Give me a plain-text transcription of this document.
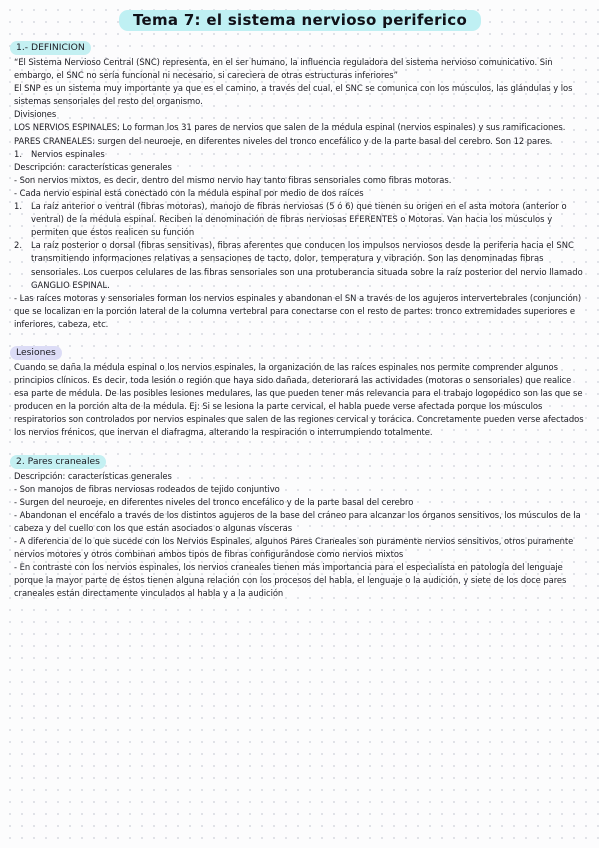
Tema 7: el sistema nervioso periferico
1.- DEFINICION

“El Sistema Nervioso Central (SNC) representa, en el ser humano, la influencia reguladora del sistema nervioso comunicativo. Sin embargo, el SNC no sería funcional ni necesario, si careciera de otras estructuras inferiores”

El SNP es un sistema muy importante ya que es el camino, a través del cual, el SNC se comunica con los músculos, las glándulas y los sistemas sensoriales del resto del organismo.

Divisiones

LOS NERVIOS ESPINALES: Lo forman los 31 pares de nervios que salen de la médula espinal (nervios espinales) y sus ramificaciones.

PARES CRANEALES: surgen del neuroeje, en diferentes niveles del tronco encefálico y de la parte basal del cerebro. Son 12 pares.

1.	Nervios espinales

Descripción: características generales

- Son nervios mixtos, es decir, dentro del mismo nervio hay tanto fibras sensoriales como fibras motoras.

- Cada nervio espinal está conectado con la médula espinal por medio de dos raíces

1.	La raíz anterior o ventral (fibras motoras), manojo de fibras nerviosas (5 ó 6) que tienen su origen en el asta motora (anterior o ventral) de la médula espinal. Reciben la denominación de fibras nerviosas EFERENTES o Motoras. Van hacia los músculos y permiten que éstos realicen su función
2.	La raíz posterior o dorsal (fibras sensitivas), fibras aferentes que conducen los impulsos nerviosos desde la periferia hacia el SNC transmitiendo informaciones relativas a sensaciones de tacto, dolor, temperatura y vibración. Son las denominadas fibras sensoriales. Los cuerpos celulares de las fibras sensoriales son una protuberancia situada sobre la raíz posterior del nervio llamado GANGLIO ESPINAL.

- Las raíces motoras y sensoriales forman los nervios espinales y abandonan el SN a través de los agujeros intervertebrales (conjunción) que se localizan en la porción lateral de la columna vertebral para conectarse con el resto de partes: tronco extremidades superiores e inferiores, cabeza, etc.

Lesiones

Cuando se daña la médula espinal o los nervios espinales, la organización de las raíces espinales nos permite comprender algunos principios clínicos. Es decir, toda lesión o región que haya sido dañada, deteriorará las actividades (motoras o sensoriales) que realice esa parte de médula. De las posibles lesiones medulares, las que pueden tener más relevancia para el trabajo logopédico son las que se producen en la porción alta de la médula. Ej: Si se lesiona la parte cervical, el habla puede verse afectada porque los músculos respiratorios son controlados por nervios espinales que salen de las regiones cervical y torácica. Concretamente pueden verse afectados los nervios frénicos, que inervan el diafragma, alterando la respiración o interrumpiendo totalmente.

2. Pares craneales

Descripción: características generales

- Son manojos de fibras nerviosas rodeados de tejido conjuntivo

- Surgen del neuroeje, en diferentes niveles del tronco encefálico y de la parte basal del cerebro

- Abandonan el encéfalo a través de los distintos agujeros de la base del cráneo para alcanzar los órganos sensitivos, los músculos de la cabeza y del cuello con los que están asociados o algunas vísceras

- A diferencia de lo que sucede con los Nervios Espinales, algunos Pares Craneales son puramente nervios sensitivos, otros puramente nervios motores y otros combinan ambos tipos de fibras configurándose como nervios mixtos

- En contraste con los nervios espinales, los nervios craneales tienen más importancia para el especialista en patología del lenguaje porque la mayor parte de éstos tienen alguna relación con los procesos del habla, el lenguaje o la audición, y siete de los doce pares craneales están directamente vinculados al habla y a la audición
